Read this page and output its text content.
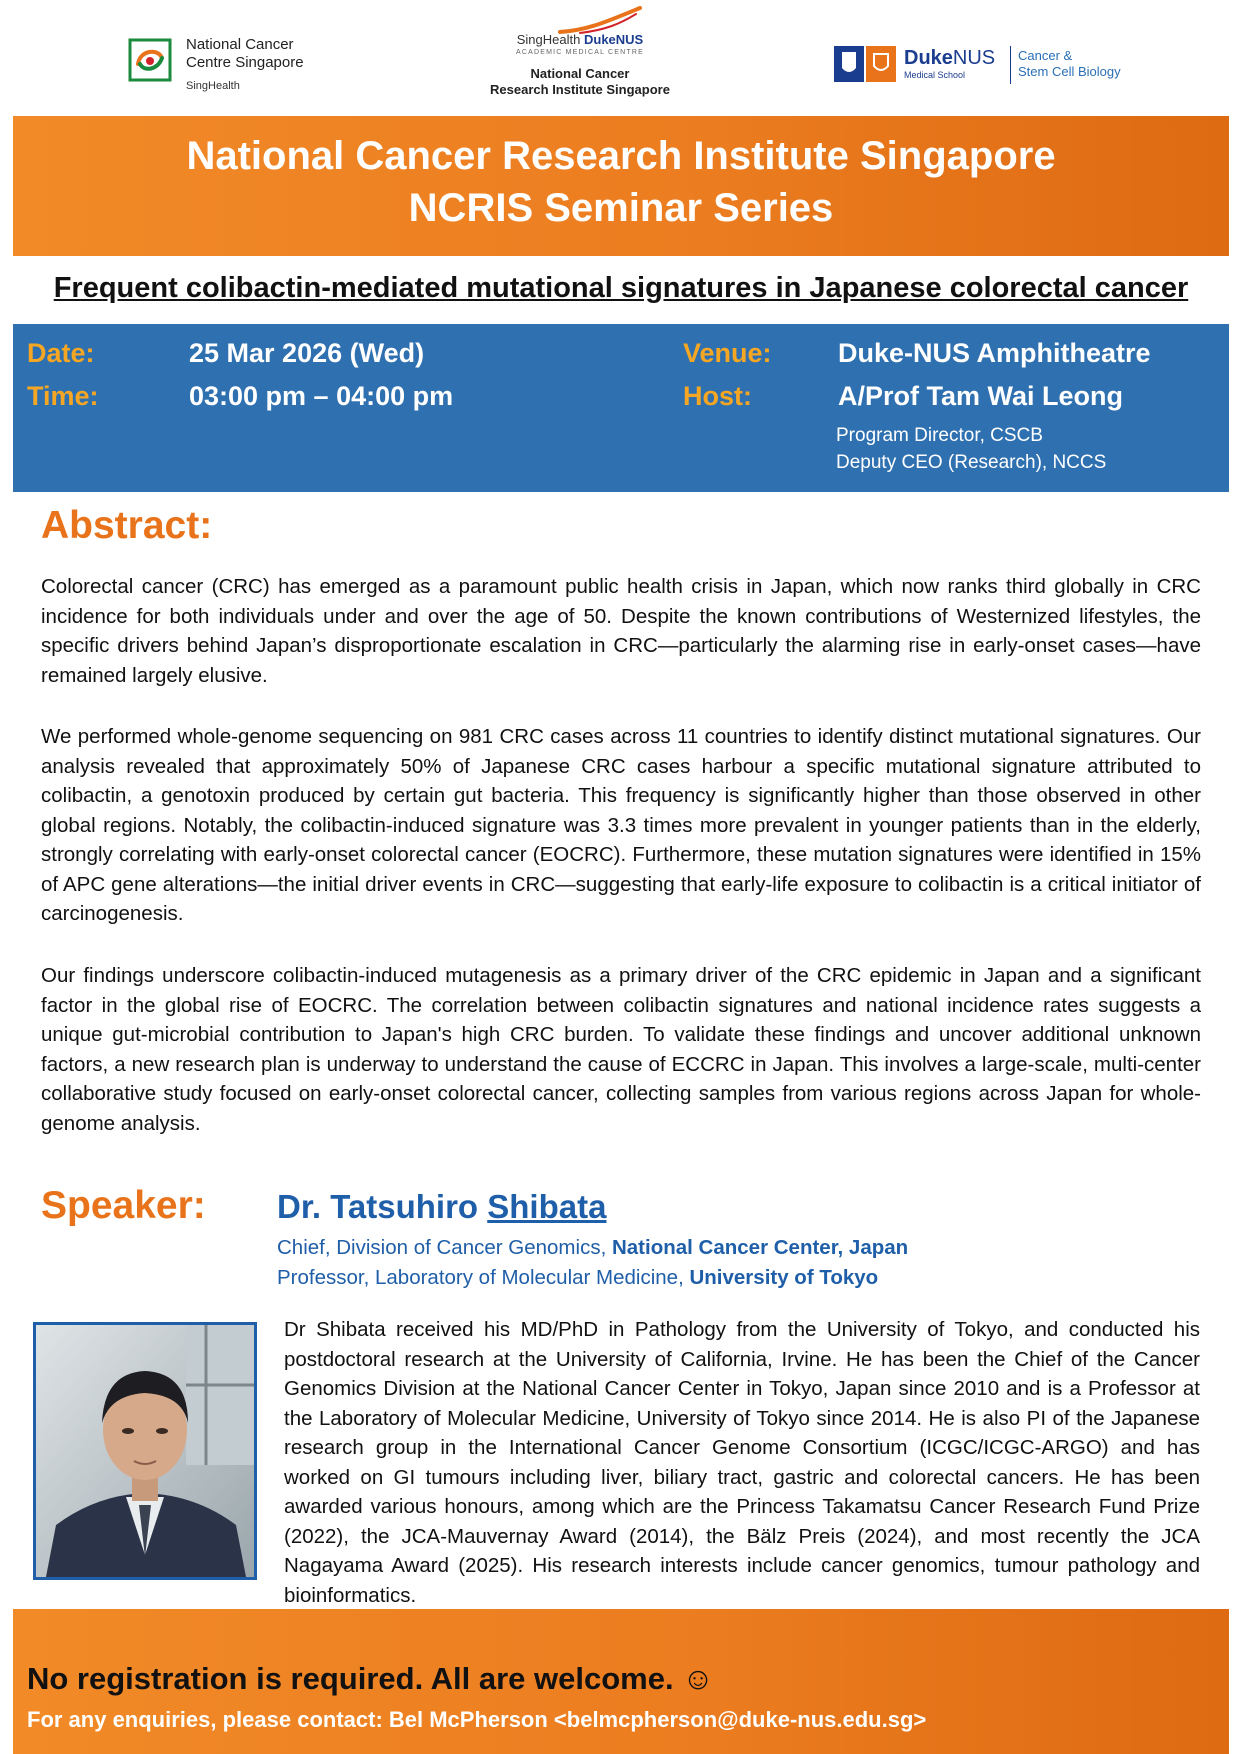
National Cancer
Centre Singapore
SingHealth
SingHealth DukeNUS
ACADEMIC MEDICAL CENTRE
National Cancer
Research Institute Singapore
DukeNUS
Medical School
Cancer &
Stem Cell Biology
National Cancer Research Institute Singapore
NCRIS Seminar Series
Frequent colibactin-mediated mutational signatures in Japanese colorectal cancer
Date:	25 Mar 2026 (Wed)
Time:	03:00 pm – 04:00 pm
Venue: Duke-NUS Amphitheatre
Host:	A/Prof Tam Wai Leong
Program Director, CSCB
Deputy CEO (Research), NCCS
Abstract:
Colorectal cancer (CRC) has emerged as a paramount public health crisis in Japan, which now ranks third globally in CRC incidence for both individuals under and over the age of 50. Despite the known contributions of Westernized lifestyles, the specific drivers behind Japan’s disproportionate escalation in CRC—particularly the alarming rise in early-onset cases—have remained largely elusive.
We performed whole-genome sequencing on 981 CRC cases across 11 countries to identify distinct mutational signatures. Our analysis revealed that approximately 50% of Japanese CRC cases harbour a specific mutational signature attributed to colibactin, a genotoxin produced by certain gut bacteria. This frequency is significantly higher than those observed in other global regions. Notably, the colibactin-induced signature was 3.3 times more prevalent in younger patients than in the elderly, strongly correlating with early-onset colorectal cancer (EOCRC). Furthermore, these mutation signatures were identified in 15% of APC gene alterations—the initial driver events in CRC—suggesting that early-life exposure to colibactin is a critical initiator of carcinogenesis.
Our findings underscore colibactin-induced mutagenesis as a primary driver of the CRC epidemic in Japan and a significant factor in the global rise of EOCRC. The correlation between colibactin signatures and national incidence rates suggests a unique gut-microbial contribution to Japan's high CRC burden. To validate these findings and uncover additional unknown factors, a new research plan is underway to understand the cause of ECCRC in Japan. This involves a large-scale, multi-center collaborative study focused on early-onset colorectal cancer, collecting samples from various regions across Japan for whole-genome analysis.
Speaker: Dr. Tatsuhiro Shibata
Chief, Division of Cancer Genomics, National Cancer Center, Japan
Professor, Laboratory of Molecular Medicine, University of Tokyo
Dr Shibata received his MD/PhD in Pathology from the University of Tokyo, and conducted his postdoctoral research at the University of California, Irvine. He has been the Chief of the Cancer Genomics Division at the National Cancer Center in Tokyo, Japan since 2010 and is a Professor at the Laboratory of Molecular Medicine, University of Tokyo since 2014. He is also PI of the Japanese research group in the International Cancer Genome Consortium (ICGC/ICGC-ARGO) and has worked on GI tumours including liver, biliary tract, gastric and colorectal cancers. He has been awarded various honours, among which are the Princess Takamatsu Cancer Research Fund Prize (2022), the JCA-Mauvernay Award (2014), the Bälz Preis (2024), and most recently the JCA Nagayama Award (2025). His research interests include cancer genomics, tumour pathology and bioinformatics.
No registration is required. All are welcome. ☺
For any enquiries, please contact: Bel McPherson <belmcpherson@duke-nus.edu.sg>
